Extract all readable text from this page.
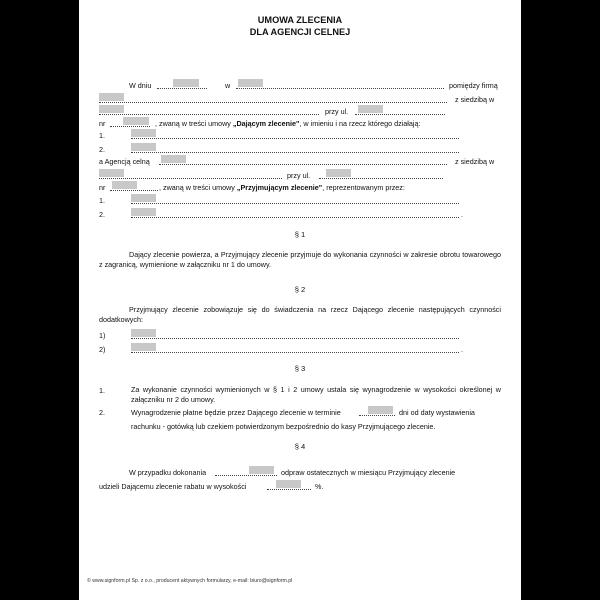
UMOWA ZLECENIA
DLA AGENCJI CELNEJ
W dniu	w	pomiędzy firmą
z siedzibą w
przy ul.
nr	, zwaną w treści umowy „Dającym zlecenie", w imieniu i na rzecz którego działają:
1.
2.
a Agencją celną	z siedzibą w
przy ul.
nr	, zwaną w treści umowy „Przyjmującym zlecenie", reprezentowanym przez:
1.
2.	.
§ 1
Dający zlecenie powierza, a Przyjmujący zlecenie przyjmuje do wykonania czynności w zakresie obrotu towarowego z zagranicą, wymienione w załączniku nr 1 do umowy.
§ 2
Przyjmujący zlecenie zobowiązuje się do świadczenia na rzecz Dającego zlecenie następujących czynności dodatkowych:
1)
2)	.
§ 3
1.	Za wykonanie czynności wymienionych w § 1 i 2 umowy ustala się wynagrodzenie w wysokości określonej w załączniku nr 2 do umowy.
2.	Wynagrodzenie płatne będzie przez Dającego zlecenie w terminie	dni od daty wystawienia
rachunku - gotówką lub czekiem potwierdzonym bezpośrednio do kasy Przyjmującego zlecenie.
§ 4
W przypadku dokonania	odpraw ostatecznych w miesiącu Przyjmujący zlecenie
udzieli Dającemu zlecenie rabatu w wysokości	%.
© www.signform.pl Sp. z o.o., producent aktywnych formularzy, e-mail: biuro@signform.pl
